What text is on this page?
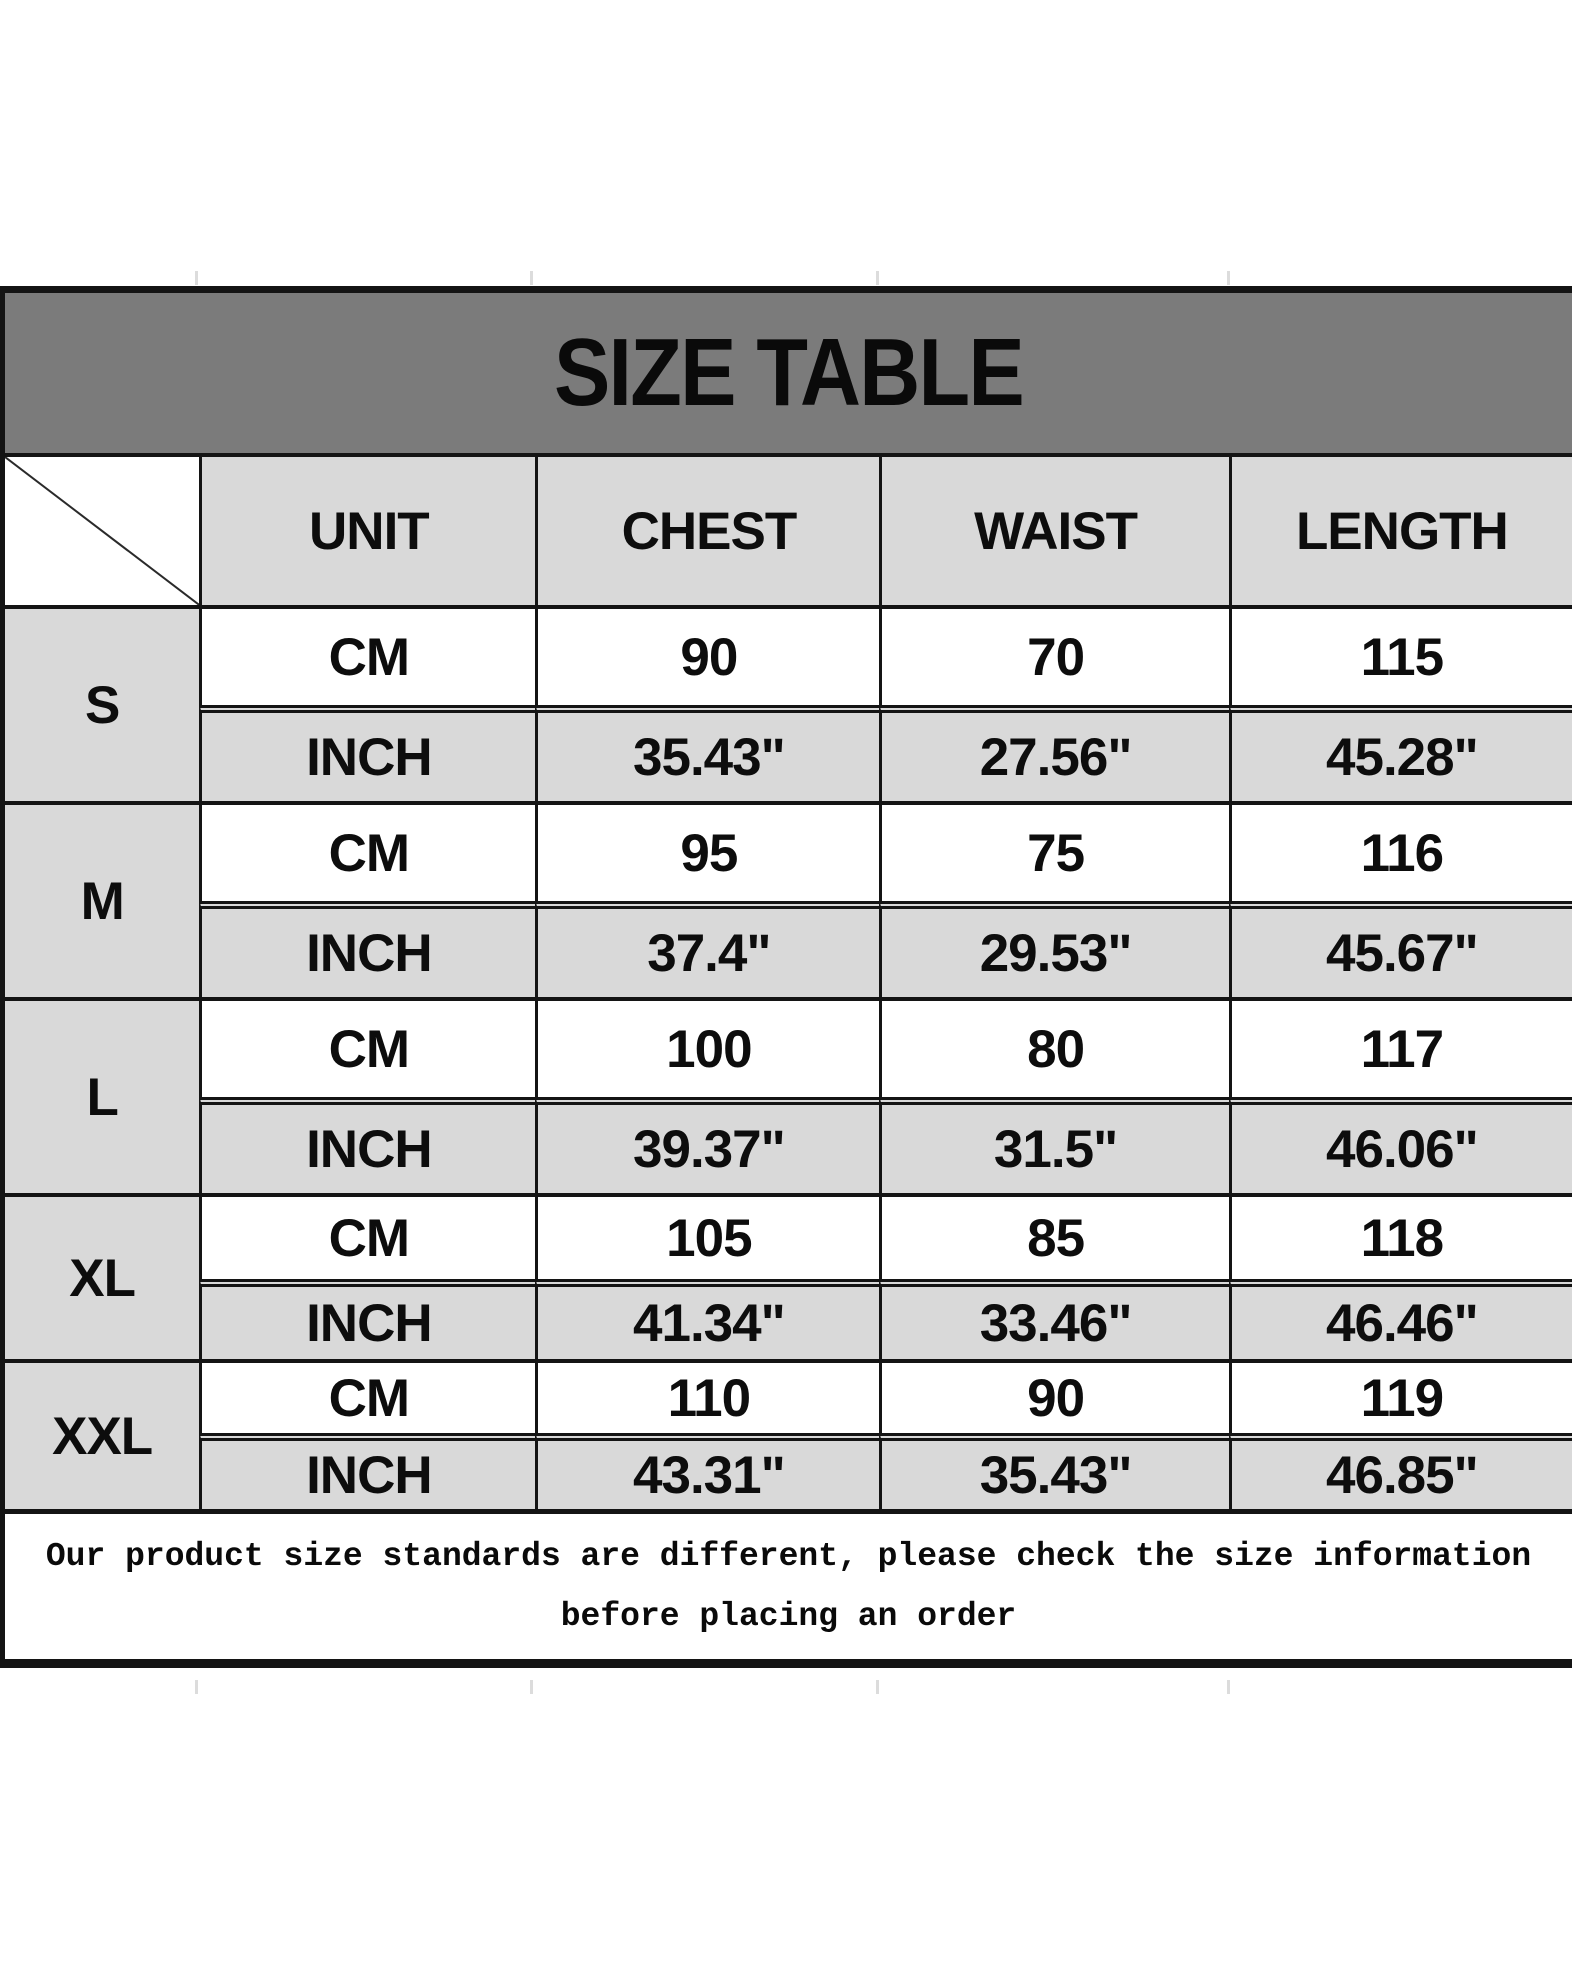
SIZE TABLE
UNIT	CHEST	WAIST	LENGTH
S
CM	90	70	115
INCH	35.43"	27.56"	45.28"
M
CM	95	75	116
INCH	37.4"	29.53"	45.67"
L
CM	100	80	117
INCH	39.37"	31.5"	46.06"
XL
CM	105	85	118
INCH	41.34"	33.46"	46.46"
XXL
CM	110	90	119
INCH	43.31"	35.43"	46.85"
Our product size standards are different, please check the size information
before placing an order
